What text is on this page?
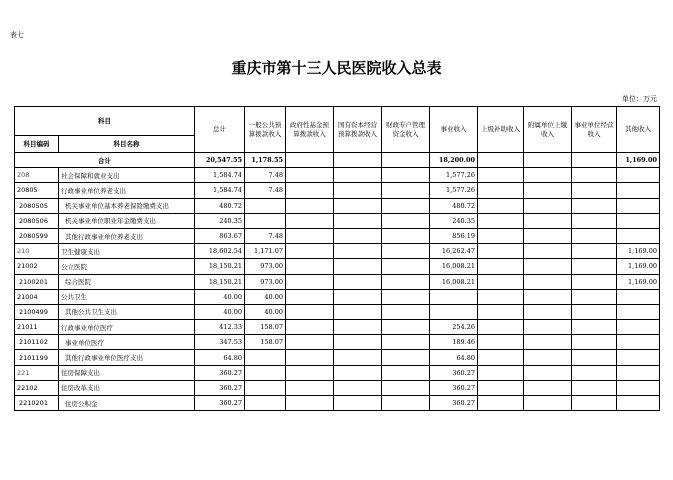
表七
重庆市第十三人民医院收入总表
单位：万元
科目		总计	一般公共预算拨款收入	政府性基金预算拨款收入	国有资本经营预算拨款收入	财政专户管理资金收入	事业收入	上级补助收入	附属单位上缴收入	事业单位经营收入	其他收入
科目编码	科目名称										
合计		20,547.55	1,178.55				18,200.00				1,169.00
208	社会保障和就业支出	1,584.74	7.48				1,577.26				
20805	行政事业单位养老支出	1,584.74	7.48				1,577.26				
2080505	机关事业单位基本养老保险缴费支出	480.72					480.72				
2080506	机关事业单位职业年金缴费支出	240.35					240.35				
2080599	其他行政事业单位养老支出	863.67	7.48				856.19				
210	卫生健康支出	18,602.54	1,171.07				16,262.47				1,169.00
21002	公立医院	18,150.21	973.00				16,008.21				1,169.00
2100201	综合医院	18,150.21	973.00				16,008.21				1,169.00
21004	公共卫生	40.00	40.00								
2100499	其他公共卫生支出	40.00	40.00								
21011	行政事业单位医疗	412.33	158.07				254.26				
2101102	事业单位医疗	347.53	158.07				189.46				
2101199	其他行政事业单位医疗支出	64.80					64.80				
221	住房保障支出	360.27					360.27				
22102	住房改革支出	360.27					360.27				
2210201	住房公积金	360.27					360.27				
